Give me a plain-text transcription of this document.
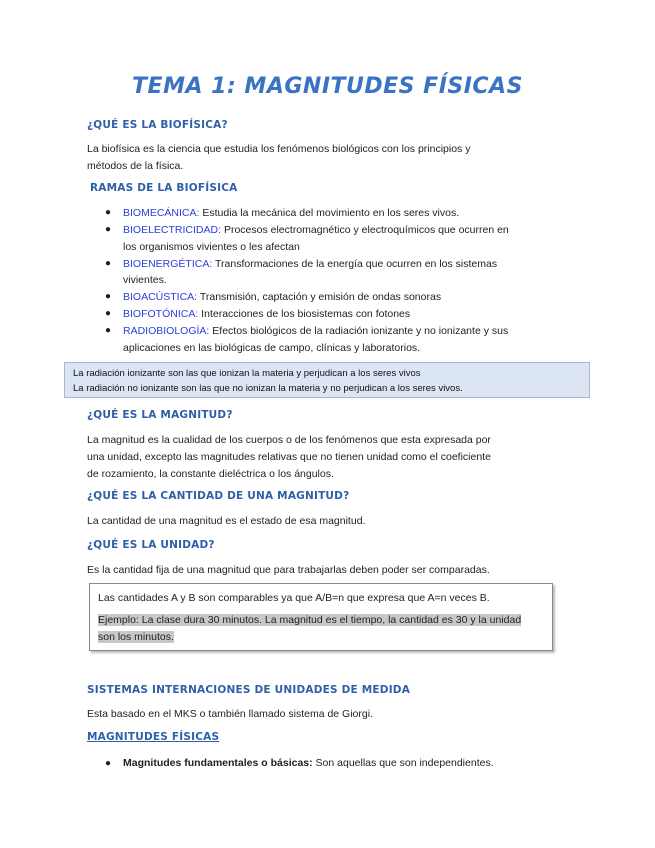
TEMA 1: MAGNITUDES FÍSICAS
¿QUÉ ES LA BIOFÍSICA?
La biofísica es la ciencia que estudia los fenómenos biológicos con los principios y
métodos de la física.
RAMAS DE LA BIOFÍSICA
● BIOMECÁNICA: Estudia la mecánica del movimiento en los seres vivos.
● BIOELECTRICIDAD: Procesos electromagnético y electroquímicos que ocurren en los organismos vivientes o les afectan
● BIOENERGÉTICA: Transformaciones de la energía que ocurren en los sistemas vivientes.
● BIOACÚSTICA: Transmisión, captación y emisión de ondas sonoras
● BIOFOTÓNICA: Interacciones de los biosistemas con fotones
● RADIOBIOLOGÍA: Efectos biológicos de la radiación ionizante y no ionizante y sus aplicaciones en las biológicas de campo, clínicas y laboratorios.
La radiación ionizante son las que ionizan la materia y perjudican a los seres vivos
La radiación no ionizante son las que no ionizan la materia y no perjudican a los seres vivos.
¿QUÉ ES LA MAGNITUD?
La magnitud es la cualidad de los cuerpos o de los fenómenos que esta expresada por
una unidad, excepto las magnitudes relativas que no tienen unidad como el coeficiente
de rozamiento, la constante dieléctrica o los ángulos.
¿QUÉ ES LA CANTIDAD DE UNA MAGNITUD?
La cantidad de una magnitud es el estado de esa magnitud.
¿QUÉ ES LA UNIDAD?
Es la cantidad fija de una magnitud que para trabajarlas deben poder ser comparadas.
Las cantidades A y B son comparables ya que A/B=n que expresa que A=n veces B.
Ejemplo: La clase dura 30 minutos. La magnitud es el tiempo, la cantidad es 30 y la unidad
son los minutos.
SISTEMAS INTERNACIONES DE UNIDADES DE MEDIDA
Esta basado en el MKS o también llamado sistema de Giorgi.
MAGNITUDES FÍSICAS
● Magnitudes fundamentales o básicas: Son aquellas que son independientes.
